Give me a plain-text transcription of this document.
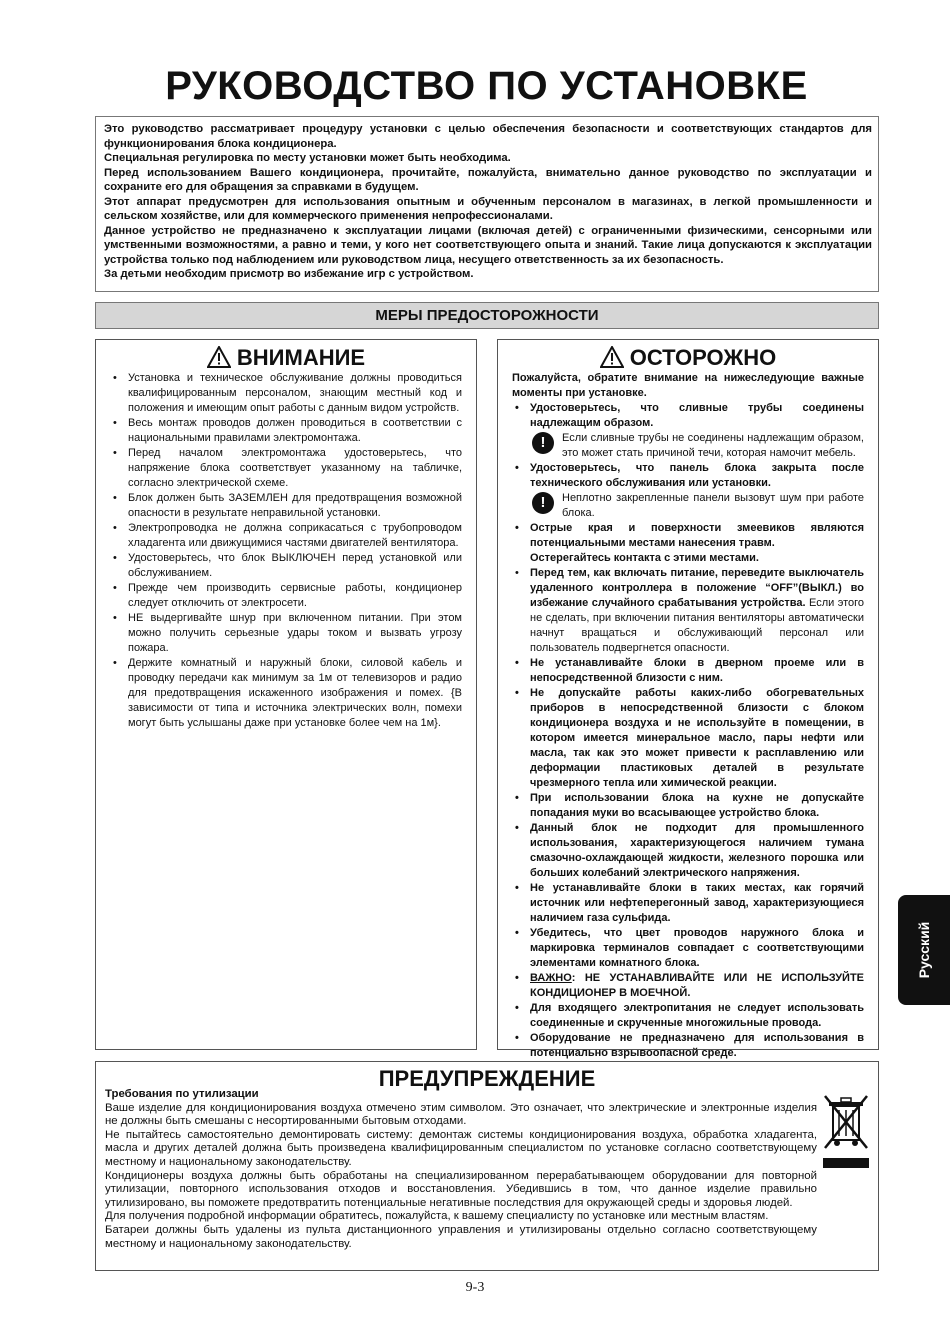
РУКОВОДСТВО ПО УСТАНОВКЕ

Это руководство рассматривает процедуру установки с целью обеспечения безопасности и соответствующих стандартов для функционирования блока кондиционера.

Специальная регулировка по месту установки может быть необходима.

Перед использованием Вашего кондиционера, прочитайте, пожалуйста, внимательно данное руководство по эксплуатации и сохраните его для обращения за справками в будущем.

Этот аппарат предусмотрен для использования опытным и обученным персоналом в магазинах, в легкой промышленности и сельском хозяйстве, или для коммерческого применения непрофессионалами.

Данное устройство не предназначено к эксплуатации лицами (включая детей) с ограниченными физическими, сенсорными или умственными возможностями, а равно и теми, у кого нет соответствующего опыта и знаний. Такие лица допускаются к эксплуатации устройства только под наблюдением или руководством лица, несущего ответственность за их безопасность.

За детьми необходим присмотр во избежание игр с устройством.

МЕРЫ ПРЕДОСТОРОЖНОСТИ
ВНИМАНИЕ
• Установка и техническое обслуживание должны проводиться квалифицированным персоналом, знающим местный код и положения и имеющим опыт работы с данным видом устройств.
• Весь монтаж проводов должен проводиться в соответствии с национальными правилами электромонтажа.
• Перед началом электромонтажа удостоверьтесь, что напряжение блока соответствует указанному на табличке, согласно электрической схеме.
• Блок должен быть ЗАЗЕМЛЕН для предотвращения возможной опасности в результате неправильной установки.
• Электропроводка не должна соприкасаться с трубопроводом хладагента или движущимися частями двигателей вентилятора.
• Удостоверьтесь, что блок ВЫКЛЮЧЕН перед установкой или обслуживанием.
• Прежде чем производить сервисные работы, кондиционер следует отключить от электросети.
• НЕ выдергивайте шнур при включенном питании. При этом можно получить серьезные удары током и вызвать угрозу пожара.
• Держите комнатный и наружный блоки, силовой кабель и проводку передачи как минимум за 1м от телевизоров и радио для предотвращения искаженного изображения и помех. {В зависимости от типа и источника электрических волн, помехи могут быть услышаны даже при установке более чем на 1м}.
ОСТОРОЖНО
Пожалуйста, обратите внимание на нижеследующие важные моменты при установке.
• Удостоверьтесь, что сливные трубы соединены надлежащим образом.
!	Если сливные трубы не соединены надлежащим образом, это может стать причиной течи, которая намочит мебель.
• Удостоверьтесь, что панель блока закрыта после технического обслуживания или установки.
!	Неплотно закрепленные панели вызовут шум при работе блока.
• Острые края и поверхности змеевиков являются потенциальными местами нанесения травм.
Остерегайтесь контакта с этими местами.
• Перед тем, как включать питание, переведите выключатель удаленного контроллера в положение “OFF”(ВЫКЛ.) во избежание случайного срабатывания устройства. Если этого не сделать, при включении питания вентиляторы автоматически начнут вращаться и обслуживающий персонал или пользователь подвергнется опасности.
• Не устанавливайте блоки в дверном проеме или в непосредственной близости с ним.
• Не допускайте работы каких-либо обогревательных приборов в непосредственной близости с блоком кондиционера воздуха и не используйте в помещении, в котором имеется минеральное масло, пары нефти или масла, так как это может привести к расплавлению или деформации пластиковых деталей в результате чрезмерного тепла или химической реакции.
• При использовании блока на кухне не допускайте попадания муки во всасывающее устройство блока.
• Данный блок не подходит для промышленного использования, характеризующегося наличием тумана смазочно-охлаждающей жидкости, железного порошка или больших колебаний электрического напряжения.
• Не устанавливайте блоки в таких местах, как горячий источник или нефтеперегонный завод, характеризующиеся наличием газа сульфида.
• Убедитесь, что цвет проводов наружного блока и маркировка терминалов совпадает с соответствующими элементами комнатного блока.
• ВАЖНО: НЕ УСТАНАВЛИВАЙТЕ ИЛИ НЕ ИСПОЛЬЗУЙТЕ КОНДИЦИОНЕР В МОЕЧНОЙ.
• Для входящего электропитания не следует использовать соединенные и скрученные многожильные провода.
• Оборудование не предназначено для использования в потенциально взрывоопасной среде.
ПРЕДУПРЕЖДЕНИЕ

Требования по утилизации

Ваше изделие для кондиционирования воздуха отмечено этим символом. Это означает, что электрические и электронные изделия не должны быть смешаны с несортированными бытовым отходами.

Не пытайтесь самостоятельно демонтировать систему: демонтаж системы кондиционирования воздуха, обработка хладагента, масла и других деталей должна быть произведена квалифицированным специалистом по установке согласно соответствующему местному и национальному законодательству.

Кондиционеры воздуха должны быть обработаны на специализированном перерабатывающем оборудовании для повторной утилизации, повторного использования отходов и восстановления. Убедившись в том, что данное изделие правильно утилизировано, вы поможете предотвратить потенциальные негативные последствия для окружающей среды и здоровья людей.

Для получения подробной информации обратитесь, пожалуйста, к вашему специалисту по установке или местным властям.

Батареи должны быть удалены из пульта дистанционного управления и утилизированы отдельно согласно соответствующему местному и национальному законодательству.

9-3
Русский
